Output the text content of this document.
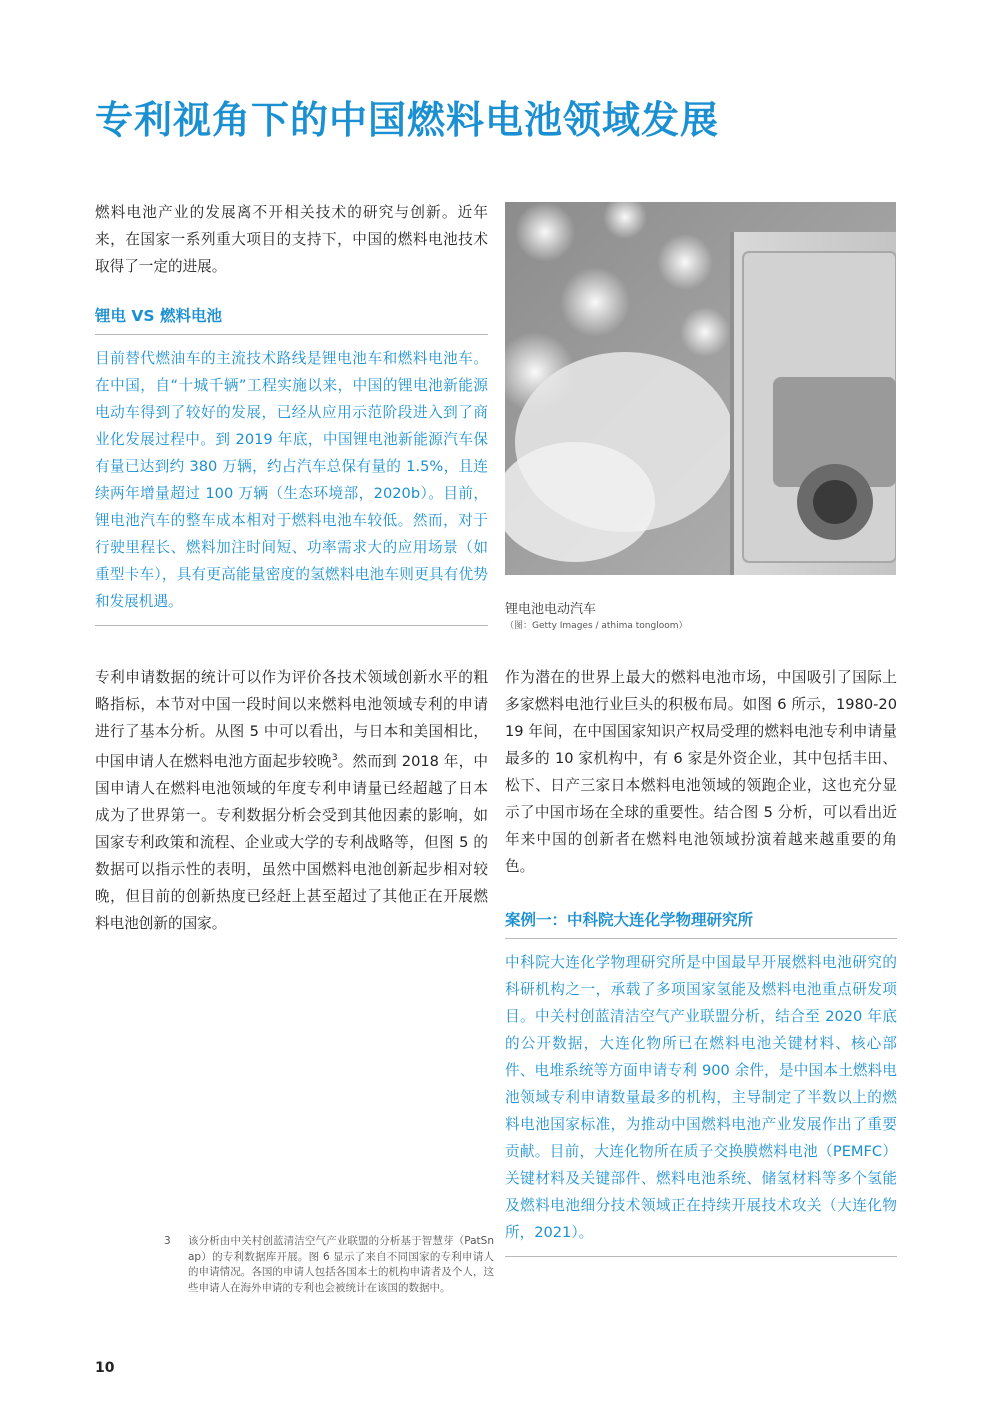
专利视角下的中国燃料电池领域发展

燃料电池产业的发展离不开相关技术的研究与创新。近年来，在国家一系列重大项目的支持下，中国的燃料电池技术取得了一定的进展。

锂电 VS 燃料电池

目前替代燃油车的主流技术路线是锂电池车和燃料电池车。在中国，自“十城千辆”工程实施以来，中国的锂电池新能源电动车得到了较好的发展，已经从应用示范阶段进入到了商业化发展过程中。到 2019 年底，中国锂电池新能源汽车保有量已达到约 380 万辆，约占汽车总保有量的 1.5%，且连续两年增量超过 100 万辆（生态环境部，2020b）。目前，锂电池汽车的整车成本相对于燃料电池车较低。然而，对于行驶里程长、燃料加注时间短、功率需求大的应用场景（如重型卡车），具有更高能量密度的氢燃料电池车则更具有优势和发展机遇。

专利申请数据的统计可以作为评价各技术领域创新水平的粗略指标，本节对中国一段时间以来燃料电池领域专利的申请进行了基本分析。从图 5 中可以看出，与日本和美国相比，中国申请人在燃料电池方面起步较晚$^3$。然而到 2018 年，中国申请人在燃料电池领域的年度专利申请量已经超越了日本成为了世界第一。专利数据分析会受到其他因素的影响，如国家专利政策和流程、企业或大学的专利战略等，但图 5 的数据可以指示性的表明，虽然中国燃料电池创新起步相对较晚，但目前的创新热度已经赶上甚至超过了其他正在开展燃料电池创新的国家。

锂电池电动汽车
（图：Getty Images / athima tongloom）

作为潜在的世界上最大的燃料电池市场，中国吸引了国际上多家燃料电池行业巨头的积极布局。如图 6 所示，1980-2019 年间，在中国国家知识产权局受理的燃料电池专利申请量最多的 10 家机构中，有 6 家是外资企业，其中包括丰田、松下、日产三家日本燃料电池领域的领跑企业，这也充分显示了中国市场在全球的重要性。结合图 5 分析，可以看出近年来中国的创新者在燃料电池领域扮演着越来越重要的角色。

案例一：中科院大连化学物理研究所

中科院大连化学物理研究所是中国最早开展燃料电池研究的科研机构之一，承载了多项国家氢能及燃料电池重点研发项目。中关村创蓝清洁空气产业联盟分析，结合至 2020 年底的公开数据，大连化物所已在燃料电池关键材料、核心部件、电堆系统等方面申请专利 900 余件，是中国本土燃料电池领域专利申请数量最多的机构，主导制定了半数以上的燃料电池国家标准，为推动中国燃料电池产业发展作出了重要贡献。目前，大连化物所在质子交换膜燃料电池（PEMFC）关键材料及关键部件、燃料电池系统、储氢材料等多个氢能及燃料电池细分技术领域正在持续开展技术攻关（大连化物所，2021）。

3	该分析由中关村创蓝清洁空气产业联盟的分析基于智慧芽（PatSnap）的专利数据库开展。图 6 显示了来自不同国家的专利申请人的申请情况。各国的申请人包括各国本土的机构申请者及个人，这些申请人在海外申请的专利也会被统计在该国的数据中。
10
